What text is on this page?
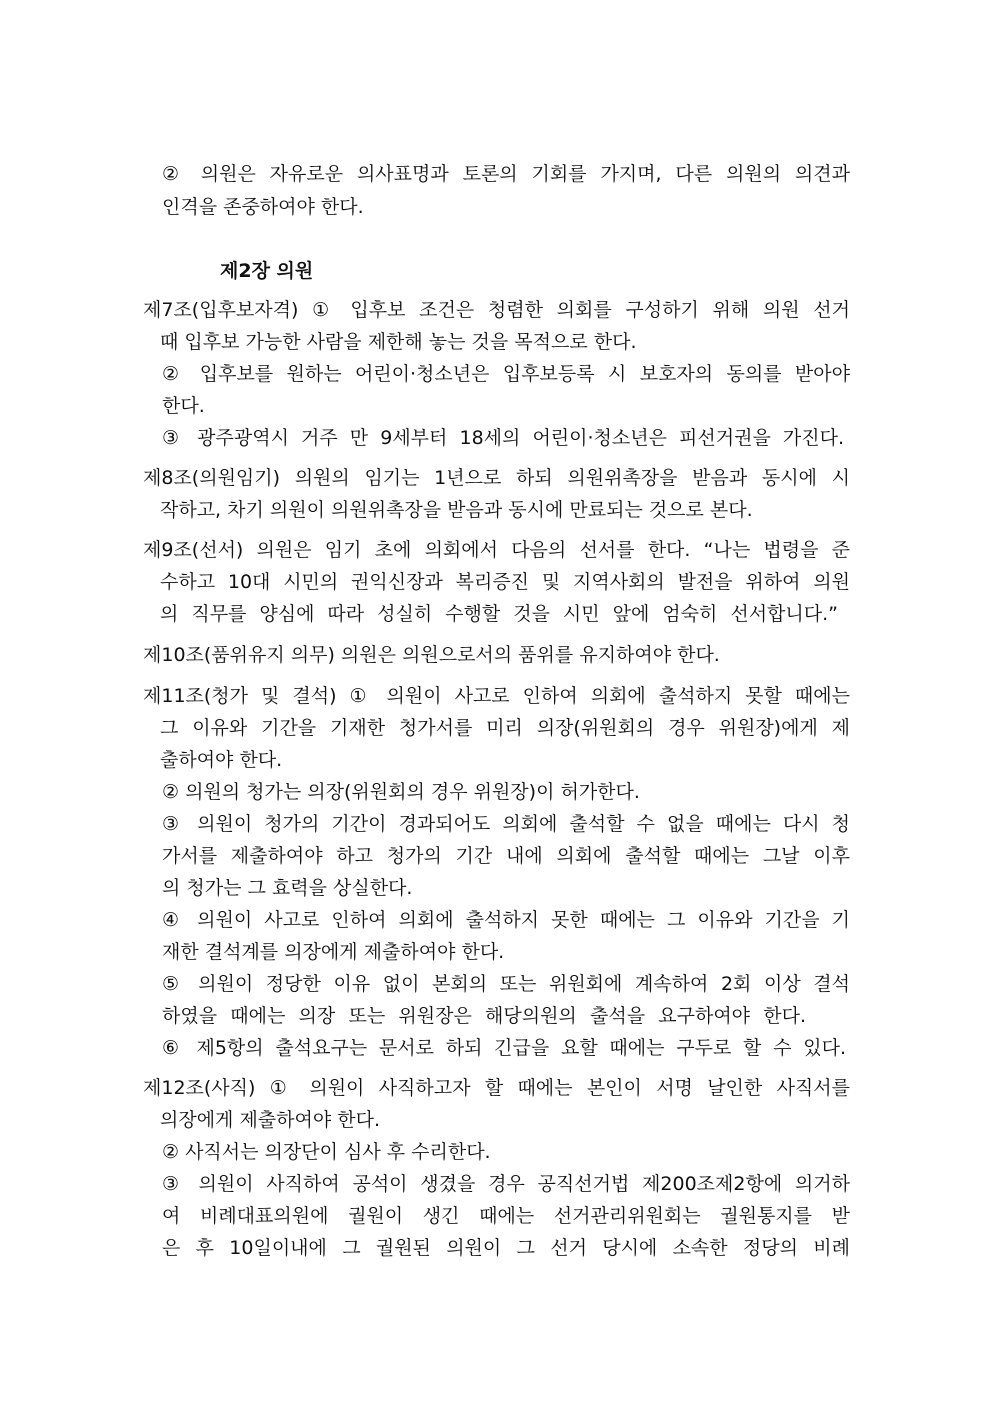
② 의원은 자유로운 의사표명과 토론의 기회를 가지며, 다른 의원의 의견과
인격을 존중하여야 한다.
제2장 의원
제7조(입후보자격) ① 입후보 조건은 청렴한 의회를 구성하기 위해 의원 선거
때 입후보 가능한 사람을 제한해 놓는 것을 목적으로 한다.
② 입후보를 원하는 어린이·청소년은 입후보등록 시 보호자의 동의를 받아야
한다.
③ 광주광역시 거주 만 9세부터 18세의 어린이·청소년은 피선거권을 가진다.
제8조(의원임기) 의원의 임기는 1년으로 하되 의원위촉장을 받음과 동시에 시
작하고, 차기 의원이 의원위촉장을 받음과 동시에 만료되는 것으로 본다.
제9조(선서) 의원은 임기 초에 의회에서 다음의 선서를 한다. “나는 법령을 준
수하고 10대 시민의 권익신장과 복리증진 및 지역사회의 발전을 위하여 의원
의 직무를 양심에 따라 성실히 수행할 것을 시민 앞에 엄숙히 선서합니다.”
제10조(품위유지 의무) 의원은 의원으로서의 품위를 유지하여야 한다.
제11조(청가 및 결석) ① 의원이 사고로 인하여 의회에 출석하지 못할 때에는
그 이유와 기간을 기재한 청가서를 미리 의장(위원회의 경우 위원장)에게 제
출하여야 한다.
② 의원의 청가는 의장(위원회의 경우 위원장)이 허가한다.
③ 의원이 청가의 기간이 경과되어도 의회에 출석할 수 없을 때에는 다시 청
가서를 제출하여야 하고 청가의 기간 내에 의회에 출석할 때에는 그날 이후
의 청가는 그 효력을 상실한다.
④ 의원이 사고로 인하여 의회에 출석하지 못한 때에는 그 이유와 기간을 기
재한 결석계를 의장에게 제출하여야 한다.
⑤ 의원이 정당한 이유 없이 본회의 또는 위원회에 계속하여 2회 이상 결석
하였을 때에는 의장 또는 위원장은 해당의원의 출석을 요구하여야 한다.
⑥ 제5항의 출석요구는 문서로 하되 긴급을 요할 때에는 구두로 할 수 있다.
제12조(사직) ① 의원이 사직하고자 할 때에는 본인이 서명 날인한 사직서를
의장에게 제출하여야 한다.
② 사직서는 의장단이 심사 후 수리한다.
③ 의원이 사직하여 공석이 생겼을 경우 공직선거법 제200조제2항에 의거하
여 비례대표의원에 궐원이 생긴 때에는 선거관리위원회는 궐원통지를 받
은 후 10일이내에 그 궐원된 의원이 그 선거 당시에 소속한 정당의 비례
